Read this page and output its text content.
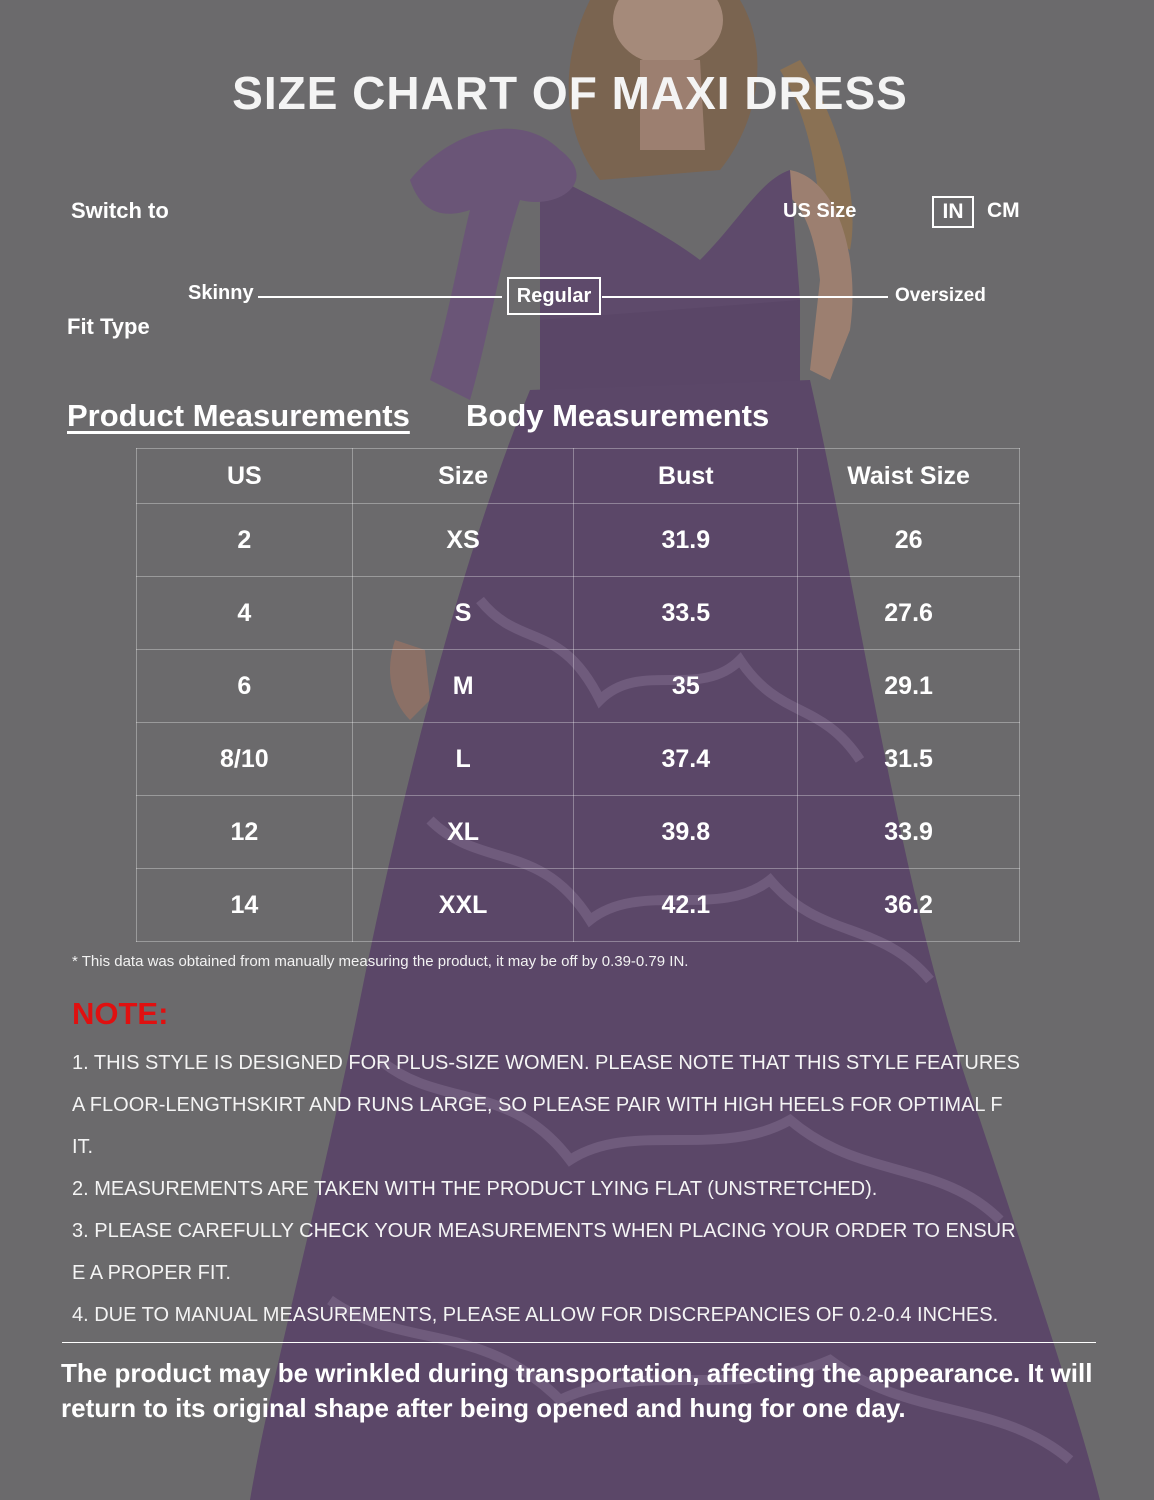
SIZE CHART OF MAXI DRESS
Switch to	US Size	IN	CM
Skinny	Regular	Oversized
Fit Type
Product Measurements Body Measurements
US	Size	Bust	Waist Size
2	XS	31.9	26
4	S	33.5	27.6
6	M	35	29.1
8/10	L	37.4	31.5
12	XL	39.8	33.9
14	XXL	42.1	36.2
* This data was obtained from manually measuring the product, it may be off by 0.39-0.79 IN.
NOTE:
1. THIS STYLE IS DESIGNED FOR PLUS-SIZE WOMEN. PLEASE NOTE THAT THIS STYLE FEATURES
A FLOOR-LENGTHSKIRT AND RUNS LARGE, SO PLEASE PAIR WITH HIGH HEELS FOR OPTIMAL F
IT.
2. MEASUREMENTS ARE TAKEN WITH THE PRODUCT LYING FLAT (UNSTRETCHED).
3. PLEASE CAREFULLY CHECK YOUR MEASUREMENTS WHEN PLACING YOUR ORDER TO ENSUR
E A PROPER FIT.
4. DUE TO MANUAL MEASUREMENTS, PLEASE ALLOW FOR DISCREPANCIES OF 0.2-0.4 INCHES.
The product may be wrinkled during transportation, affecting the appearance. It will return to its original shape after being opened and hung for one day.
